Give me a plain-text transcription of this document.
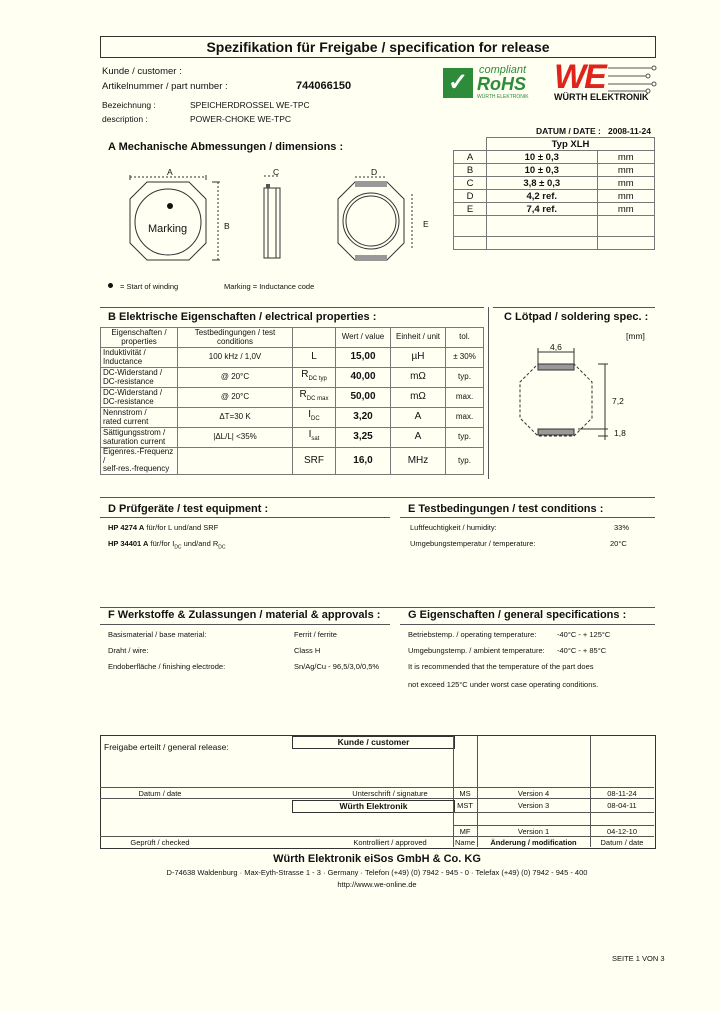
Spezifikation für Freigabe / specification for release
Kunde / customer :
Artikelnummer / part number :	744066150
Bezeichnung :	SPEICHERDROSSEL WE-TPC
description :	POWER-CHOKE WE-TPC
✓ compliant
RoHS
WÜRTH ELEKTRONIK
WE
WÜRTH ELEKTRONIK
DATUM / DATE : 2008-11-24
A Mechanische Abmessungen / dimensions :
A
B
C	D
E
Marking
= Start of winding	Marking = Inductance code
	Typ XLH	
A	10 ± 0,3	mm
B	10 ± 0,3	mm
C	3,8 ± 0,3	mm
D	4,2 ref.	mm
E	7,4 ref.	mm

B Elektrische Eigenschaften / electrical properties :	C Lötpad / soldering spec. :
Eigenschaften / properties	Testbedingungen / test conditions		Wert / value	Einheit / unit	tol.
Induktivität /
Inductance	100 kHz / 1,0V	L	15,00	µH	± 30%
DC-Widerstand /
DC-resistance	@ 20°C	$R_{DC typ}$	40,00	mΩ	typ.
DC-Widerstand /
DC-resistance	@ 20°C	$R_{DC max}$	50,00	mΩ	max.
Nennstrom /
rated current	ΔT=30 K	$I_{DC}$	3,20	A	max.
Sättigungsstrom /
saturation current	|ΔL/L| <35%	$I_{sat}$	3,25	A	typ.
Eigenres.-Frequenz /
self-res.-frequency		SRF	16,0	MHz	typ.
[mm]
4,6
7,2
1,8
D Prüfgeräte / test equipment :	E Testbedingungen / test conditions :
HP 4274 A für/for L und/and SRF
HP 34401 A für/for $I_{DC}$ und/and $R_{DC}$
Luftfeuchtigkeit / humidity:	33%
Umgebungstemperatur / temperature:	20°C
F Werkstoffe & Zulassungen / material & approvals :	G Eigenschaften / general specifications :
Basismaterial / base material:	Ferrit / ferrite
Draht / wire:	Class H
Endoberfläche / finishing electrode:	Sn/Ag/Cu - 96,5/3,0/0,5%
Betriebstemp. / operating temperature:	-40°C - + 125°C
Umgebungstemp. / ambient temperature: -40°C - + 85°C
It is recommended that the temperature of the part does
not exceed 125°C under worst case operating conditions.
Freigabe erteilt / general release:	Kunde / customer
Datum / date	Unterschrift / signature
Würth Elektronik
Geprüft / checked	Kontrolliert / approved
MS	Version 4	08-11-24
MST	Version 3	08-04-11
MF	Version 1	04-12-10
Name	Änderung / modification	Datum / date
Würth Elektronik eiSos GmbH & Co. KG
D-74638 Waldenburg · Max-Eyth-Strasse 1 - 3 · Germany · Telefon (+49) (0) 7942 - 945 - 0 · Telefax (+49) (0) 7942 - 945 - 400
http://www.we-online.de
SEITE 1 VON 3
